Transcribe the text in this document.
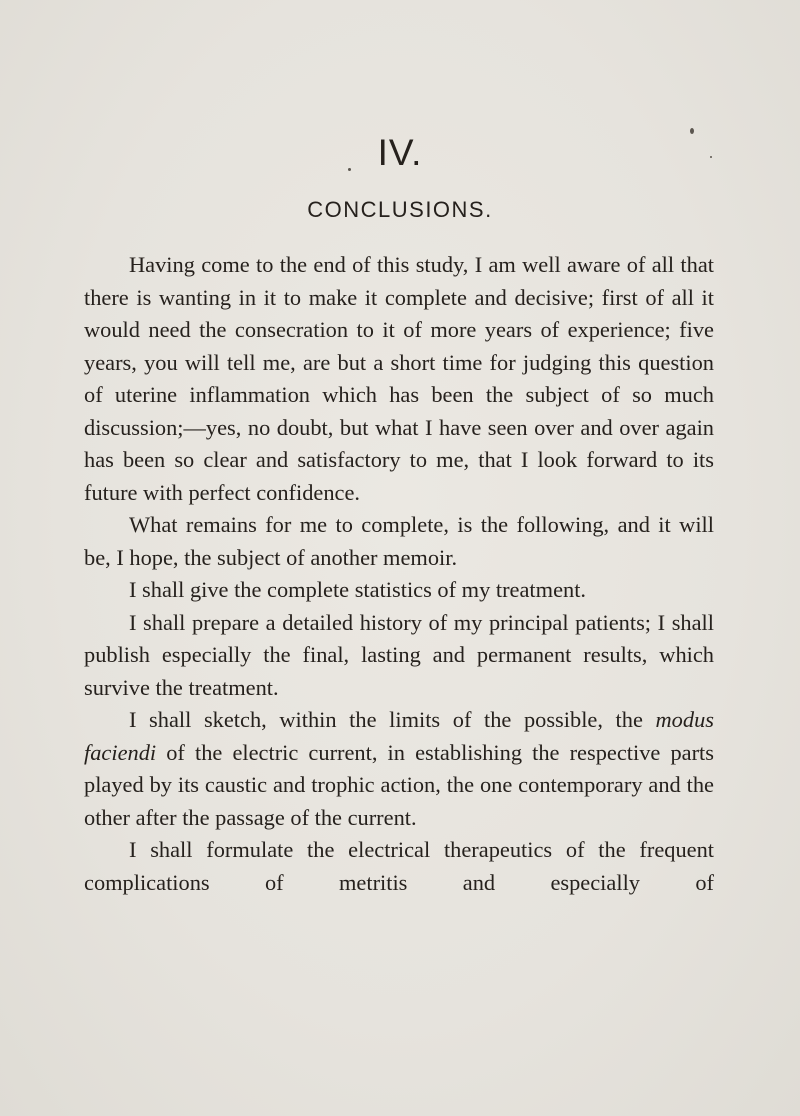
IV.
CONCLUSIONS.

Having come to the end of this study, I am well aware of all that there is wanting in it to make it complete and decisive; first of all it would need the consecration to it of more years of experience; five years, you will tell me, are but a short time for judging this question of uterine inflammation which has been the subject of so much discussion;—yes, no doubt, but what I have seen over and over again has been so clear and satisfactory to me, that I look forward to its future with perfect confidence.

What remains for me to complete, is the following, and it will be, I hope, the subject of another memoir.

I shall give the complete statistics of my treatment.

I shall prepare a detailed history of my principal patients; I shall publish especially the final, lasting and permanent results, which survive the treatment.

I shall sketch, within the limits of the possible, the modus faciendi of the electric current, in establishing the respective parts played by its caustic and trophic action, the one contemporary and the other after the passage of the current.

I shall formulate the electrical therapeutics of the frequent complications of metritis and especially of
